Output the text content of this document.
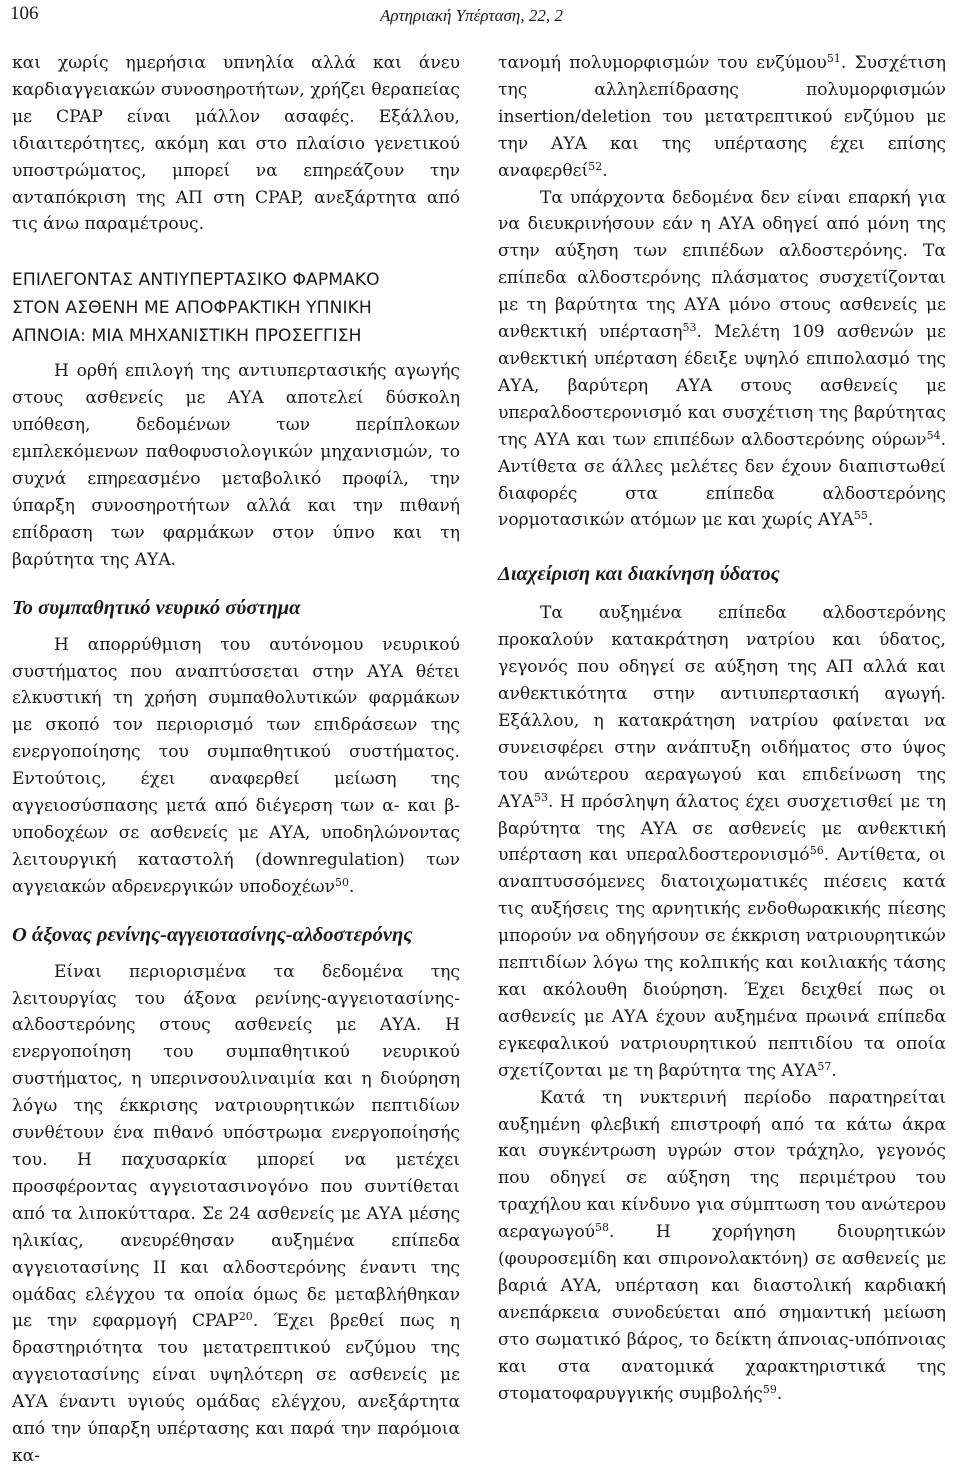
106	Αρτηριακή Υπέρταση, 22, 2

και χωρίς ημερήσια υπνηλία αλλά και άνευ καρδιαγγειακών συνοσηροτήτων, χρήζει θεραπείας με CPAP είναι μάλλον ασαφές. Εξάλλου, ιδιαιτερότητες, ακόμη και στο πλαίσιο γενετικού υποστρώματος, μπορεί να επηρεάζουν την ανταπόκριση της ΑΠ στη CPAP, ανεξάρτητα από τις άνω παραμέτρους.

ΕΠΙΛΕΓΟΝΤΑΣ ΑΝΤΙΥΠΕΡΤΑΣΙΚΟ ΦΑΡΜΑΚΟ
ΣΤΟΝ ΑΣΘΕΝΗ ΜΕ ΑΠΟΦΡΑΚΤΙΚΗ ΥΠΝΙΚΗ
ΑΠΝΟΙΑ: ΜΙΑ ΜΗΧΑΝΙΣΤΙΚΗ ΠΡΟΣΕΓΓΙΣΗ

Η ορθή επιλογή της αντιυπερτασικής αγωγής στους ασθενείς με ΑΥΑ αποτελεί δύσκολη υπόθεση, δεδομένων των περίπλοκων εμπλεκόμενων παθοφυσιολογικών μηχανισμών, το συχνά επηρεασμένο μεταβολικό προφίλ, την ύπαρξη συνοσηροτήτων αλλά και την πιθανή επίδραση των φαρμάκων στον ύπνο και τη βαρύτητα της ΑΥΑ.

Το συμπαθητικό νευρικό σύστημα

Η απορρύθμιση του αυτόνομου νευρικού συστήματος που αναπτύσσεται στην ΑΥΑ θέτει ελκυστική τη χρήση συμπαθολυτικών φαρμάκων με σκοπό τον περιορισμό των επιδράσεων της ενεργοποίησης του συμπαθητικού συστήματος. Εντούτοις, έχει αναφερθεί μείωση της αγγειοσύσπασης μετά από διέγερση των α- και β- υποδοχέων σε ασθενείς με ΑΥΑ, υποδηλώνοντας λειτουργική καταστολή (downregulation) των αγγειακών αδρενεργικών υποδοχέων$^{50}$.

Ο άξονας ρενίνης-αγγειοτασίνης-αλδοστερόνης

Είναι περιορισμένα τα δεδομένα της λειτουργίας του άξονα ρενίνης-αγγειοτασίνης-αλδοστερόνης στους ασθενείς με ΑΥΑ. Η ενεργοποίηση του συμπαθητικού νευρικού συστήματος, η υπερινσουλιναιμία και η διούρηση λόγω της έκκρισης νατριουρητικών πεπτιδίων συνθέτουν ένα πιθανό υπόστρωμα ενεργοποίησής του. Η παχυσαρκία μπορεί να μετέχει προσφέροντας αγγειοτασινογόνο που συντίθεται από τα λιποκύτταρα. Σε 24 ασθενείς με ΑΥΑ μέσης ηλικίας, ανευρέθησαν αυξημένα επίπεδα αγγειοτασίνης II και αλδοστερόνης έναντι της ομάδας ελέγχου τα οποία όμως δε μεταβλήθηκαν με την εφαρμογή CPAP$^{20}$. Έχει βρεθεί πως η δραστηριότητα του μετατρεπτικού ενζύμου της αγγειοτασίνης είναι υψηλότερη σε ασθενείς με ΑΥΑ έναντι υγιούς ομάδας ελέγχου, ανεξάρτητα από την ύπαρξη υπέρτασης και παρά την παρόμοια κα-

τανομή πολυμορφισμών του ενζύμου$^{51}$. Συσχέτιση της αλληλεπίδρασης πολυμορφισμών insertion/deletion του μετατρεπτικού ενζύμου με την ΑΥΑ και της υπέρτασης έχει επίσης αναφερθεί$^{52}$.

Τα υπάρχοντα δεδομένα δεν είναι επαρκή για να διευκρινήσουν εάν η ΑΥΑ οδηγεί από μόνη της στην αύξηση των επιπέδων αλδοστερόνης. Τα επίπεδα αλδοστερόνης πλάσματος συσχετίζονται με τη βαρύτητα της ΑΥΑ μόνο στους ασθενείς με ανθεκτική υπέρταση$^{53}$. Μελέτη 109 ασθενών με ανθεκτική υπέρταση έδειξε υψηλό επιπολασμό της ΑΥΑ, βαρύτερη ΑΥΑ στους ασθενείς με υπεραλδοστερονισμό και συσχέτιση της βαρύτητας της ΑΥΑ και των επιπέδων αλδοστερόνης ούρων$^{54}$. Αντίθετα σε άλλες μελέτες δεν έχουν διαπιστωθεί διαφορές στα επίπεδα αλδοστερόνης νορμοτασικών ατόμων με και χωρίς ΑΥΑ$^{55}$.

Διαχείριση και διακίνηση ύδατος

Τα αυξημένα επίπεδα αλδοστερόνης προκαλούν κατακράτηση νατρίου και ύδατος, γεγονός που οδηγεί σε αύξηση της ΑΠ αλλά και ανθεκτικότητα στην αντιυπερτασική αγωγή. Εξάλλου, η κατακράτηση νατρίου φαίνεται να συνεισφέρει στην ανάπτυξη οιδήματος στο ύψος του ανώτερου αεραγωγού και επιδείνωση της ΑΥΑ$^{53}$. Η πρόσληψη άλατος έχει συσχετισθεί με τη βαρύτητα της ΑΥΑ σε ασθενείς με ανθεκτική υπέρταση και υπεραλδοστερονισμό$^{56}$. Αντίθετα, οι αναπτυσσόμενες διατοιχωματικές πιέσεις κατά τις αυξήσεις της αρνητικής ενδοθωρακικής πίεσης μπορούν να οδηγήσουν σε έκκριση νατριουρητικών πεπτιδίων λόγω της κολπικής και κοιλιακής τάσης και ακόλουθη διούρηση. Έχει δειχθεί πως οι ασθενείς με ΑΥΑ έχουν αυξημένα πρωινά επίπεδα εγκεφαλικού νατριουρητικού πεπτιδίου τα οποία σχετίζονται με τη βαρύτητα της ΑΥΑ$^{57}$.

Κατά τη νυκτερινή περίοδο παρατηρείται αυξημένη φλεβική επιστροφή από τα κάτω άκρα και συγκέντρωση υγρών στον τράχηλο, γεγονός που οδηγεί σε αύξηση της περιμέτρου του τραχήλου και κίνδυνο για σύμπτωση του ανώτερου αεραγωγού$^{58}$. Η χορήγηση διουρητικών (φουροσεμίδη και σπιρονολακτόνη) σε ασθενείς με βαριά ΑΥΑ, υπέρταση και διαστολική καρδιακή ανεπάρκεια συνοδεύεται από σημαντική μείωση στο σωματικό βάρος, το δείκτη άπνοιας-υπόπνοιας και στα ανατομικά χαρακτηριστικά της στοματοφαρυγγικής συμβολής$^{59}$.
